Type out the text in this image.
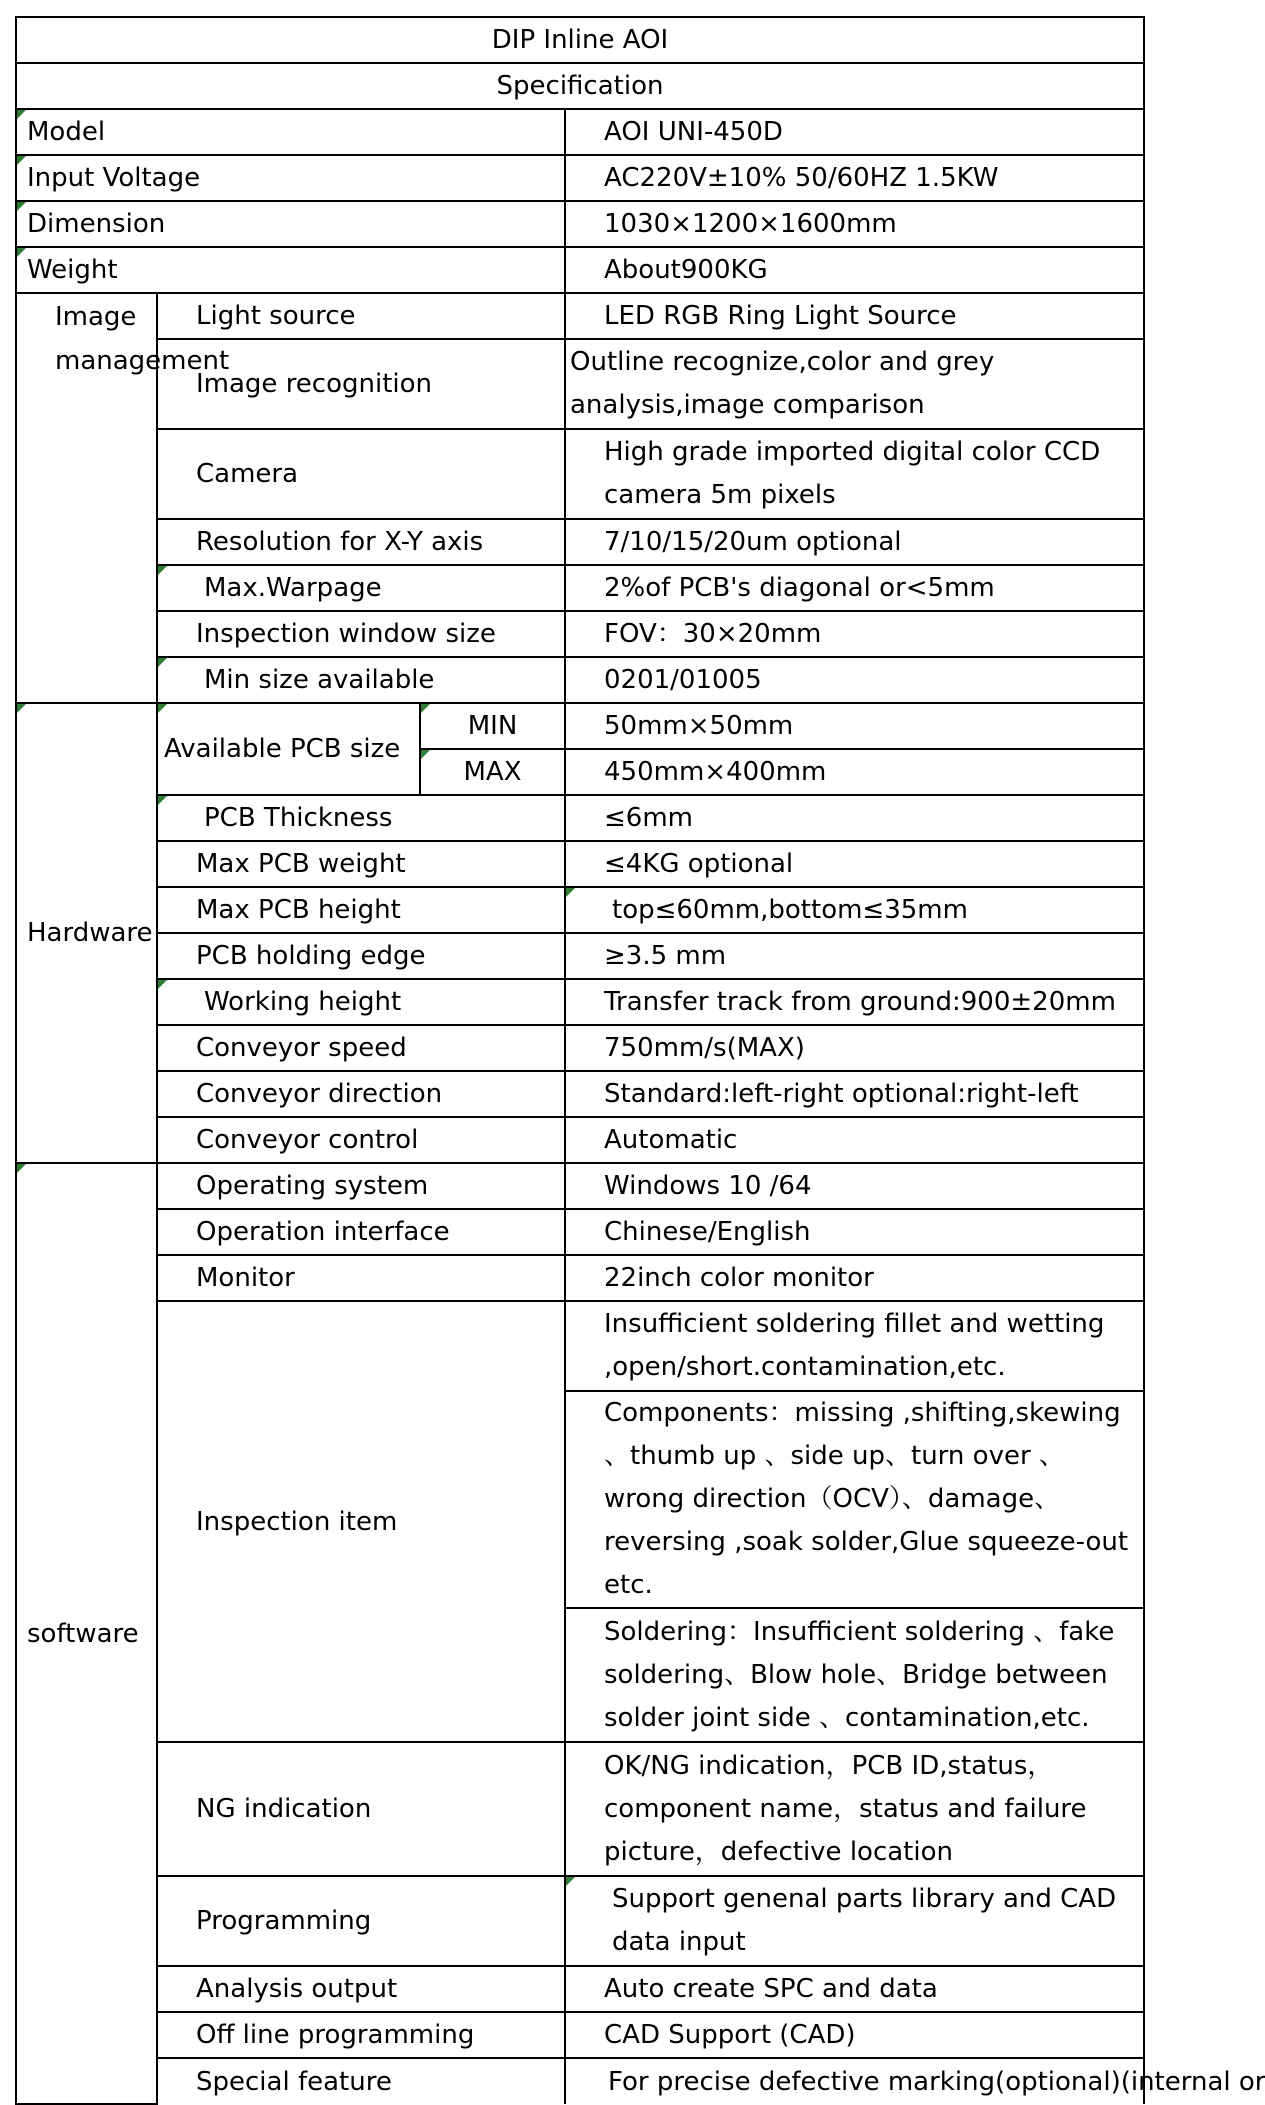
DIP Inline AOI			
Specification			
Model			AOI UNI-450D
Input Voltage			AC220V±10% 50/60HZ 1.5KW
Dimension			1030×1200×1600mm
Weight			About900KG
Image management	Light source		LED RGB Ring Light Source
	Image recognition		Outline recognize,color and grey analysis,image comparison
	Camera		High grade imported digital color CCD camera 5m pixels
	Resolution for X-Y axis		7/10/15/20um optional
	Max.Warpage		2%of PCB's diagonal or<5mm
	Inspection window size		FOV：30×20mm
	Min size available		0201/01005
Hardware	Available PCB size	MIN	50mm×50mm
		MAX	450mm×400mm
	PCB Thickness		≤6mm
	Max PCB weight		≤4KG optional
	Max PCB height		top≤60mm,bottom≤35mm
	PCB holding edge		≥3.5 mm
	Working height		Transfer track from ground:900±20mm
	Conveyor speed		750mm/s(MAX)
	Conveyor direction		Standard:left-right optional:right-left
	Conveyor control		Automatic
software	Operating system		Windows 10 /64
	Operation interface		Chinese/English
	Monitor		22inch color monitor
	Inspection item		Insufficient soldering fillet and wetting ,open/short.contamination,etc.
			Components：missing ,shifting,skewing 、thumb up 、side up、turn over 、wrong direction（OCV）、damage、reversing ,soak solder,Glue squeeze-out etc.
			Soldering：Insufficient soldering 、fake soldering、Blow hole、Bridge between solder joint side 、contamination,etc.
	NG indication		OK/NG indication，PCB ID,status，component name，status and failure picture，defective location
	Programming		Support genenal parts library and CAD data input
	Analysis output		Auto create SPC and data
	Off line programming		CAD Support (CAD)
	Special feature		For precise defective marking(optional)(internal or
